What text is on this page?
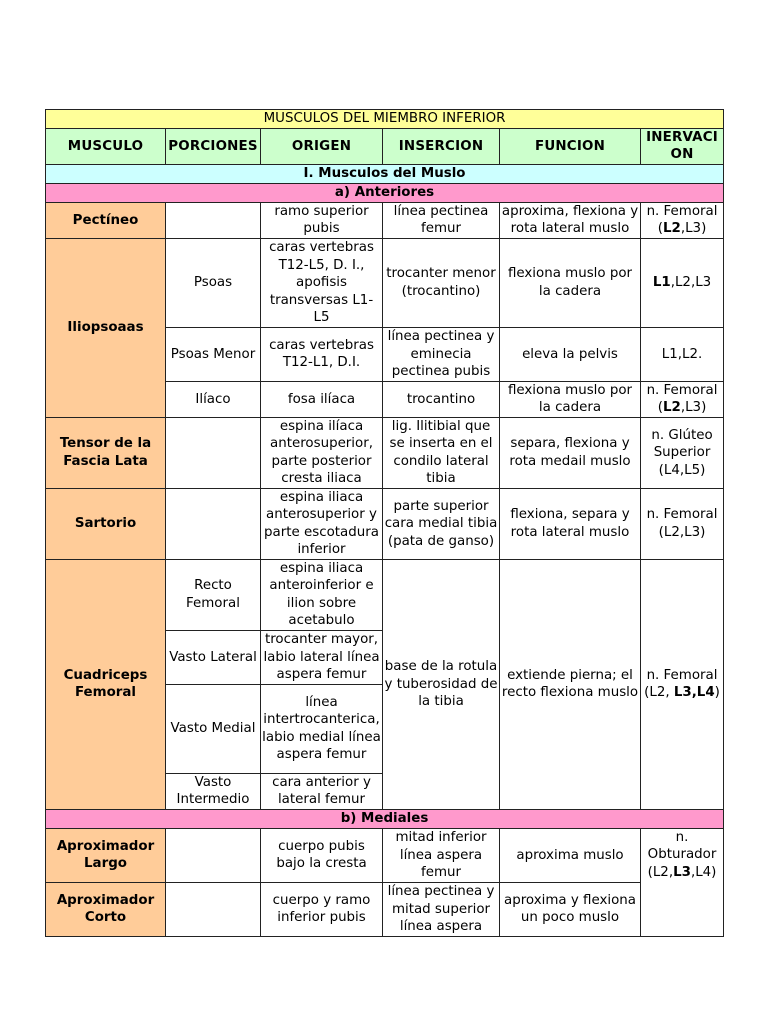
MUSCULOS DEL MIEMBRO INFERIOR					
MUSCULO	PORCIONES	ORIGEN	INSERCION	FUNCION	INERVACION
I. Musculos del Muslo					
a) Anteriores					
Pectíneo		ramo superior pubis	línea pectinea femur	aproxima, flexiona y rota lateral muslo	n. Femoral (L2,L3)
Iliopsoaas	Psoas	caras vertebras T12-L5, D. I., apofisis transversas L1-L5	trocanter menor (trocantino)	flexiona muslo por la cadera	L1,L2,L3
	Psoas Menor	caras vertebras T12-L1, D.I.	línea pectinea y eminecia pectinea pubis	eleva la pelvis	L1,L2.
	Ilíaco	fosa ilíaca	trocantino	flexiona muslo por la cadera	n. Femoral (L2,L3)
Tensor de la Fascia Lata		espina ilíaca anterosuperior, parte posterior cresta iliaca	lig. Ilitibial que se inserta en el condilo lateral tibia	separa, flexiona y rota medail muslo	n. Glúteo Superior (L4,L5)
Sartorio		espina iliaca anterosuperior y parte escotadura inferior	parte superior cara medial tibia (pata de ganso)	flexiona, separa y rota lateral muslo	n. Femoral (L2,L3)
Cuadriceps Femoral	Recto Femoral	espina iliaca anteroinferior e ilion sobre acetabulo	base de la rotula y tuberosidad de la tibia	extiende pierna; el recto flexiona muslo	n. Femoral (L2, L3,L4)
	Vasto Lateral	trocanter mayor, labio lateral línea aspera femur			
	Vasto Medial	línea intertrocanterica, labio medial línea aspera femur			
	Vasto Intermedio	cara anterior y lateral femur			
b) Mediales					
Aproximador Largo		cuerpo pubis bajo la cresta	mitad inferior línea aspera femur	aproxima muslo	n. Obturador (L2,L3,L4)
Aproximador Corto		cuerpo y ramo inferior pubis	línea pectinea y mitad superior línea aspera	aproxima y flexiona un poco muslo	
